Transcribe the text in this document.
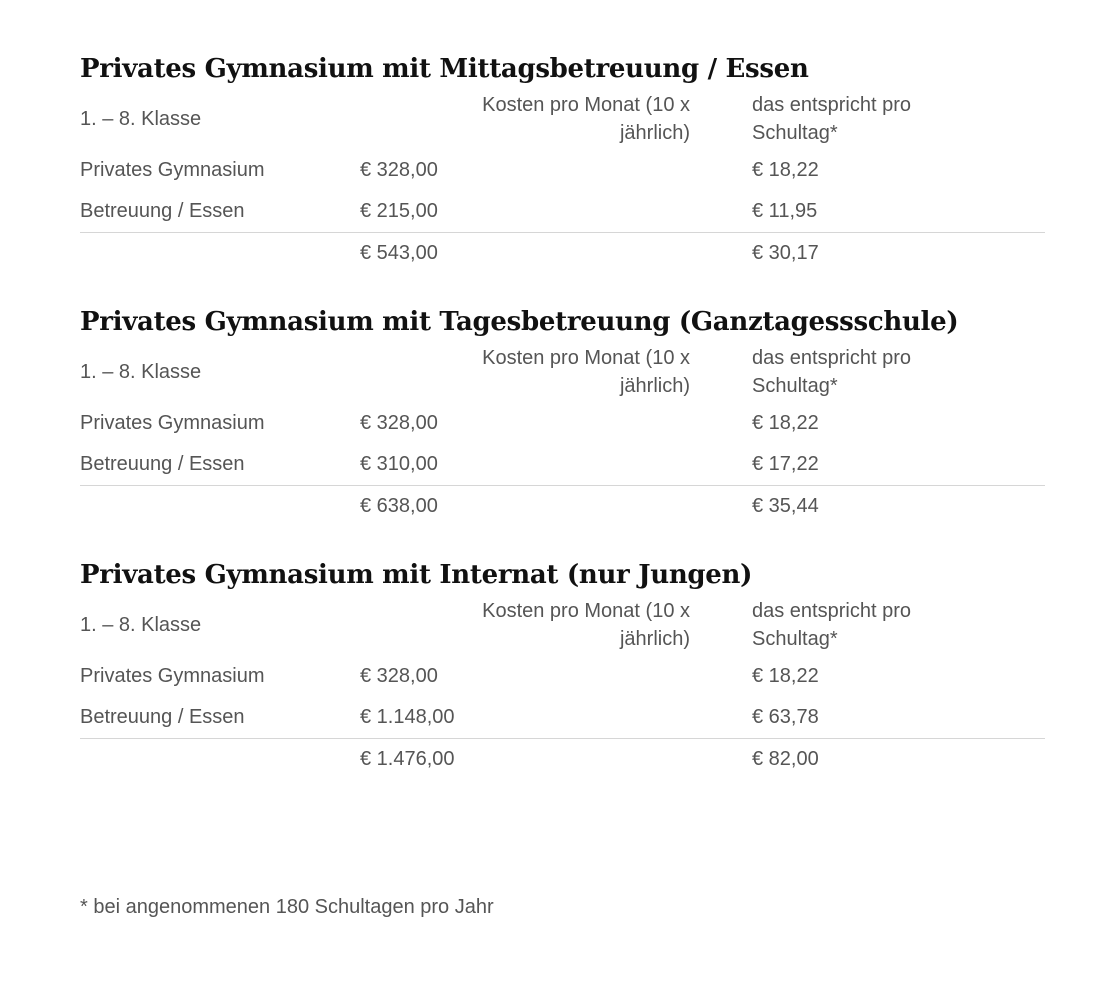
Privates Gymnasium mit Mittagsbetreuung / Essen
1. – 8. Klasse	Kosten pro Monat (10 x jährlich)	das entspricht pro Schultag*
Privates Gymnasium	€ 328,00	€ 18,22
Betreuung / Essen	€ 215,00	€ 11,95
	€ 543,00	€ 30,17
Privates Gymnasium mit Tagesbetreuung (Ganztagessschule)
1. – 8. Klasse	Kosten pro Monat (10 x jährlich)	das entspricht pro Schultag*
Privates Gymnasium	€ 328,00	€ 18,22
Betreuung / Essen	€ 310,00	€ 17,22
	€ 638,00	€ 35,44
Privates Gymnasium mit Internat (nur Jungen)
1. – 8. Klasse	Kosten pro Monat (10 x jährlich)	das entspricht pro Schultag*
Privates Gymnasium	€ 328,00	€ 18,22
Betreuung / Essen	€ 1.148,00	€ 63,78
	€ 1.476,00	€ 82,00
* bei angenommenen 180 Schultagen pro Jahr
